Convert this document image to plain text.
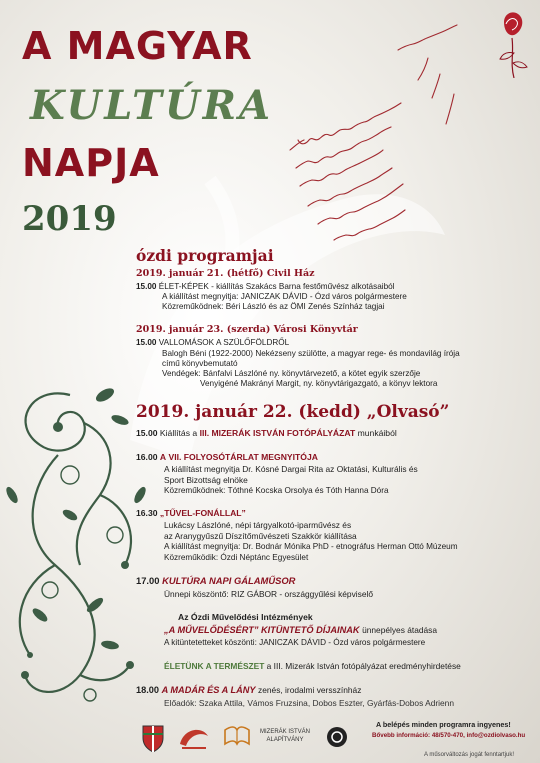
A MAGYAR
KULTÚRA
NAPJA
2019
ózdi programjai
2019. január 21. (hétfő) Civil Ház
15.00 ÉLET-KÉPEK - kiállítás Szakács Barna festőművész alkotásaiból
A kiállítást megnyitja: JANICZAK DÁVID - Ózd város polgármestere
Közreműködnek: Béri László és az ÖMI Zenés Színház tagjai
2019. január 23. (szerda) Városi Könyvtár
15.00 VALLOMÁSOK A SZÜLŐFÖLDRŐL
Balogh Béni (1922-2000) Nekézseny szülötte, a magyar rege- és mondavilág írója
című könyvbemutató
Vendégek: Bánfalvi Lászlóné ny. könyvtárvezető, a kötet egyik szerzője
Venyigéné Makrányi Margit, ny. könyvtárigazgató, a könyv lektora
2019. január 22. (kedd) „Olvasó”
15.00 Kiállítás a III. MIZERÁK ISTVÁN FOTÓPÁLYÁZAT munkáiból
16.00 A VII. FOLYOSÓTÁRLAT MEGNYITÓJA
A kiállítást megnyitja Dr. Kósné Dargai Rita az Oktatási, Kulturális és
Sport Bizottság elnöke
Közreműködnek: Tóthné Kocska Orsolya és Tóth Hanna Dóra
16.30 „TŰVEL-FONÁLLAL”
Lukácsy Lászlóné, népi tárgyalkotó-iparművész és
az Aranygyűszű Díszítőművészeti Szakkör kiállítása
A kiállítást megnyitja: Dr. Bodnár Mónika PhD - etnográfus Herman Ottó Múzeum
Közreműködik: Ózdi Néptánc Egyesület
17.00 KULTÚRA NAPI GÁLAMŰSOR
Ünnepi köszöntő: RIZ GÁBOR - országgyűlési képviselő
Az Ózdi Művelődési Intézmények
„A MŰVELŐDÉSÉRT” KITÜNTETŐ DÍJAINAK ünnepélyes átadása
A kitüntetetteket köszönti: JANICZAK DÁVID - Ózd város polgármestere
ÉLETÜNK A TERMÉSZET a III. Mizerák István fotópályázat eredményhirdetése
18.00 A MADÁR ÉS A LÁNY zenés, irodalmi versszínház
Előadók: Szaka Attila, Vámos Fruzsina, Dobos Eszter, Gyárfás-Dobos Adrienn
MIZERÁK ISTVÁN
ALAPÍTVÁNY
A belépés minden programra ingyenes!
Bővebb információ: 48/570-470, info@ozdiolvaso.hu
A műsorváltozás jogát fenntartjuk!
